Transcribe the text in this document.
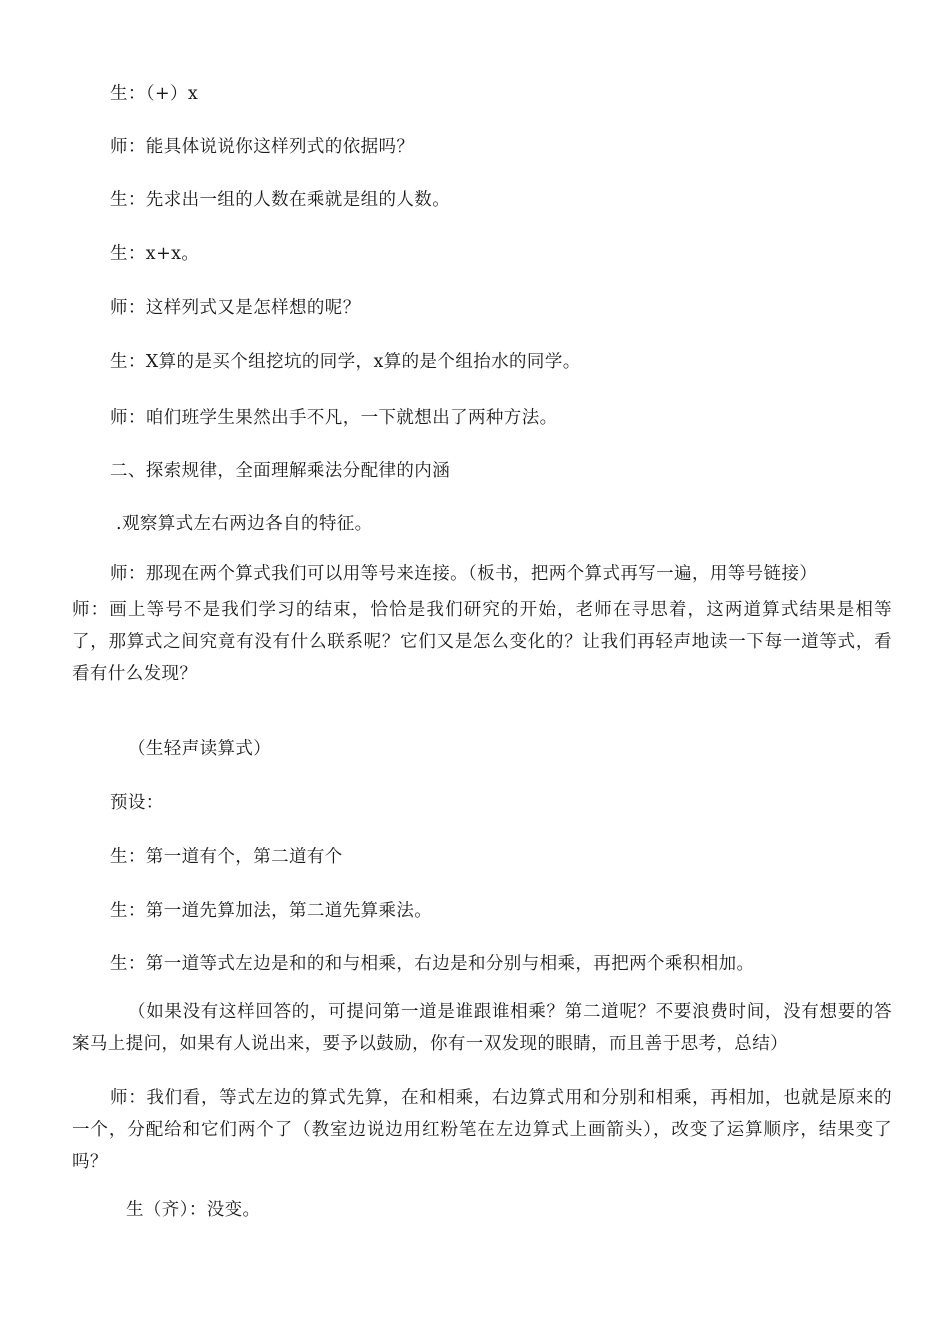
生：（+）x
师：能具体说说你这样列式的依据吗？
生：先求出一组的人数在乘就是组的人数。
生：x+x。
师：这样列式又是怎样想的呢？
生：X算的是买个组挖坑的同学，x算的是个组抬水的同学。
师：咱们班学生果然出手不凡，一下就想出了两种方法。
二、探索规律，全面理解乘法分配律的内涵
.观察算式左右两边各自的特征。
师：那现在两个算式我们可以用等号来连接。（板书，把两个算式再写一遍，用等号链接）
师：画上等号不是我们学习的结束，恰恰是我们研究的开始，老师在寻思着，这两道算式结果是相等了，那算式之间究竟有没有什么联系呢？它们又是怎么变化的？让我们再轻声地读一下每一道等式，看看有什么发现？
（生轻声读算式）
预设：
生：第一道有个，第二道有个
生：第一道先算加法，第二道先算乘法。
生：第一道等式左边是和的和与相乘，右边是和分别与相乘，再把两个乘积相加。
（如果没有这样回答的，可提问第一道是谁跟谁相乘？第二道呢？不要浪费时间，没有想要的答案马上提问，如果有人说出来，要予以鼓励，你有一双发现的眼睛，而且善于思考，总结）
师：我们看，等式左边的算式先算，在和相乘，右边算式用和分别和相乘，再相加，也就是原来的一个，分配给和它们两个了（教室边说边用红粉笔在左边算式上画箭头），改变了运算顺序，结果变了吗？
生（齐）：没变。
